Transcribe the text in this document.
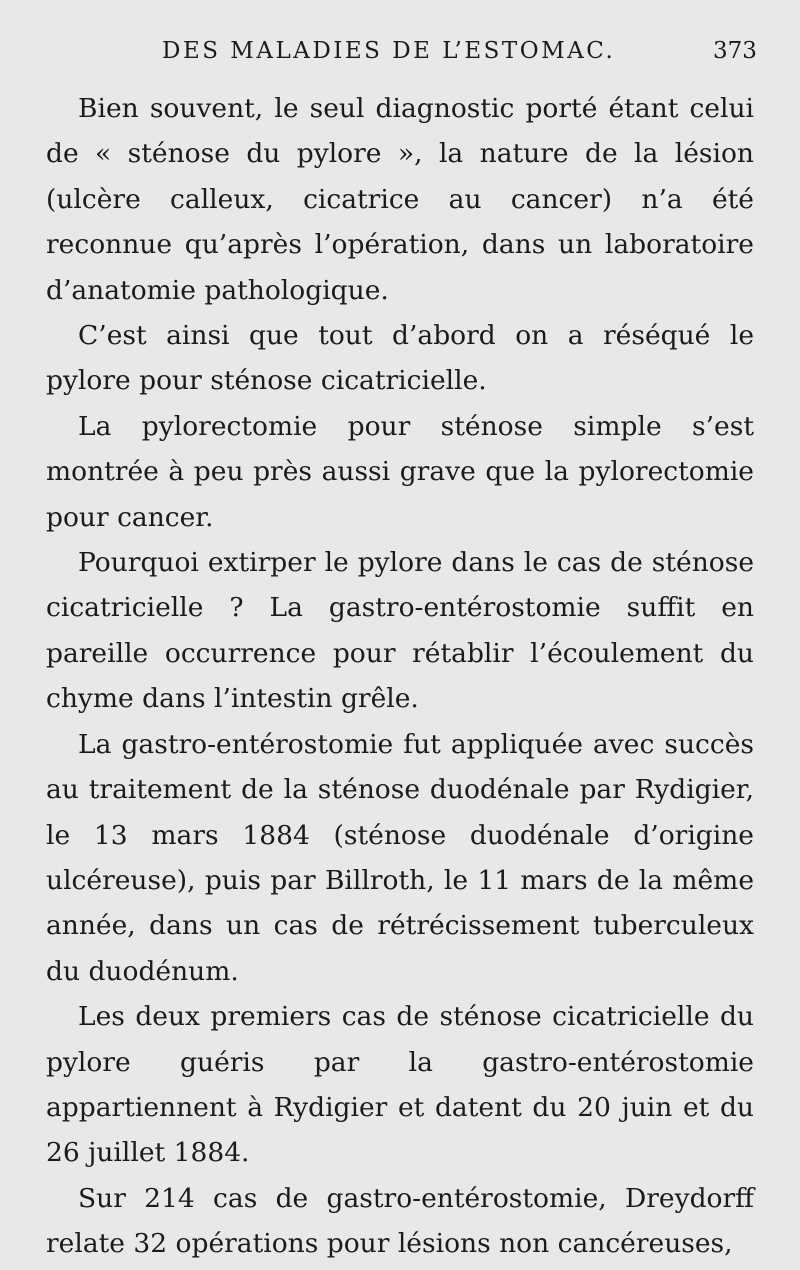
DES MALADIES DE L’ESTOMAC.	373

Bien souvent, le seul diagnostic porté étant celui de « sténose du pylore », la nature de la lésion (ulcère calleux, cicatrice au cancer) n’a été reconnue qu’après l’opération, dans un laboratoire d’anatomie pathologique.

C’est ainsi que tout d’abord on a réséqué le pylore pour sténose cicatricielle.

La pylorectomie pour sténose simple s’est montrée à peu près aussi grave que la pylorectomie pour cancer.

Pourquoi extirper le pylore dans le cas de sténose cicatricielle ? La gastro-entérostomie suffit en pareille occurrence pour rétablir l’écoulement du chyme dans l’intestin grêle.

La gastro-entérostomie fut appliquée avec succès au traitement de la sténose duodénale par Rydigier, le 13 mars 1884 (sténose duodénale d’origine ulcéreuse), puis par Billroth, le 11 mars de la même année, dans un cas de rétrécissement tuberculeux du duodénum.

Les deux premiers cas de sténose cicatricielle du pylore guéris par la gastro-entérostomie appartiennent à Rydigier et datent du 20 juin et du 26 juillet 1884.

Sur 214 cas de gastro-entérostomie, Dreydorff relate 32 opérations pour lésions non cancéreuses,
